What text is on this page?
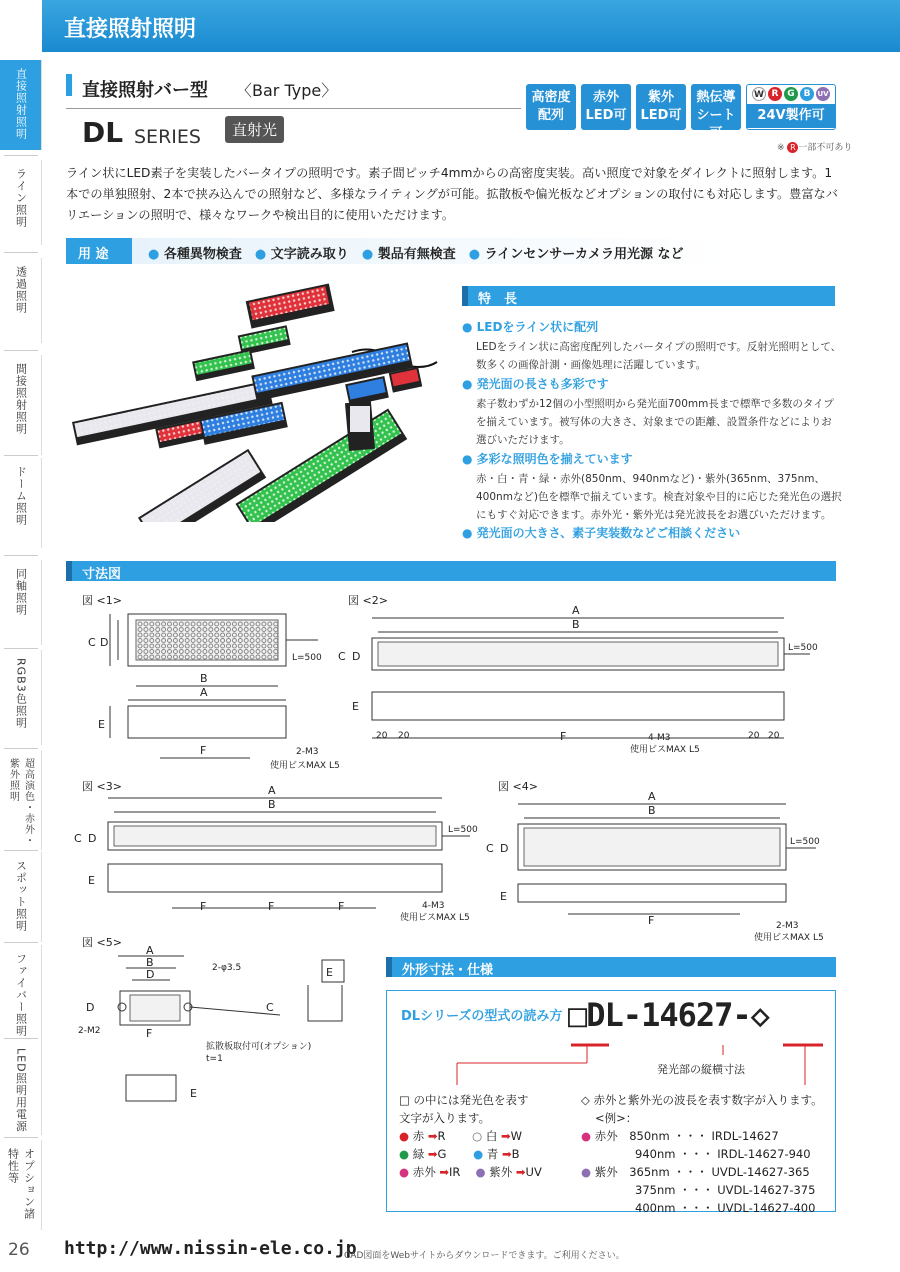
直接照射照明
直接照射照明
ライン照明
透過照明
間接照射照明
ドーム照明
同軸照明
RGB3色照明
超高演色・赤外・紫外照明
スポット照明
ファイバー照明
LED照明用電源
オプション諸特性等
26
直接照射バー型 〈Bar Type〉
DL SERIES	直射光
高密度
配列
赤外
LED可
紫外
LED可
熱伝導
シート可
W R G B	UV
24V製作可
※ R 一部不可あり
ライン状にLED素子を実装したバータイプの照明です。素子間ピッチ4mmからの高密度実装。高い照度で対象をダイレクトに照射します。1本での単独照射、2本で挟み込んでの照射など、多様なライティングが可能。拡散板や偏光板などオプションの取付にも対応します。豊富なバリエーションの照明で、様々なワークや検出目的に使用いただけます。
用 途	● 各種異物検査　 ● 文字読み取り　 ● 製品有無検査　 ● ラインセンサーカメラ用光源 など
特　長
● LEDをライン状に配列
LEDをライン状に高密度配列したバータイプの照明です。反射光照明として、数多くの画像計測・画像処理に活躍しています。
● 発光面の長さも多彩です
素子数わずか12個の小型照明から発光面700mm長まで標準で多数のタイプを揃えています。被写体の大きさ、対象までの距離、設置条件などによりお選びいただけます。
● 多彩な照明色を揃えています
赤・白・青・緑・赤外(850nm、940nmなど)・紫外(365nm、375nm、400nmなど)色を標準で揃えています。検査対象や目的に応じた発光色の選択にもすぐ対応できます。赤外光・紫外光は発光波長をお選びいただけます。
● 発光面の大きさ、素子実装数などご相談ください
寸法図
図 <1>
L=500
C D
B
A
E
F	2-M3
使用ビスMAX L5
図 <2>
A
B
L=500
C D
E
20 20	20 20
F	4-M3
使用ビスMAX L5
図 <3>	A
B
L=500
C D
E
F	F	F	4-M3
使用ビスMAX L5
図 <4>
A
B
L=500
C D
E
F	2-M3
使用ビスMAX L5
図 <5>
A
B
D	2-φ3.5	E
D
2-M2	F
C
拡散板取付可(オプション)
t=1
E
外形寸法・仕様
DLシリーズの型式の読み方
発光部の縦横寸法
□ の中には発光色を表す
文字が入ります。
● 赤 ➡R　　 ○ 白 ➡W
● 緑 ➡G　　 ● 青 ➡B
● 赤外 ➡IR　 ● 紫外 ➡UV
◇ 赤外と紫外光の波長を表す数字が入ります。
<例>：
● 赤外　 850nm ・・・ IRDL-14627
940nm ・・・ IRDL-14627-940
● 紫外　 365nm ・・・ UVDL-14627-365
375nm ・・・ UVDL-14627-375
400nm ・・・ UVDL-14627-400
□DL-14627-◇
http://www.nissin-ele.co.jp
CAD図面をWebサイトからダウンロードできます。ご利用ください。
